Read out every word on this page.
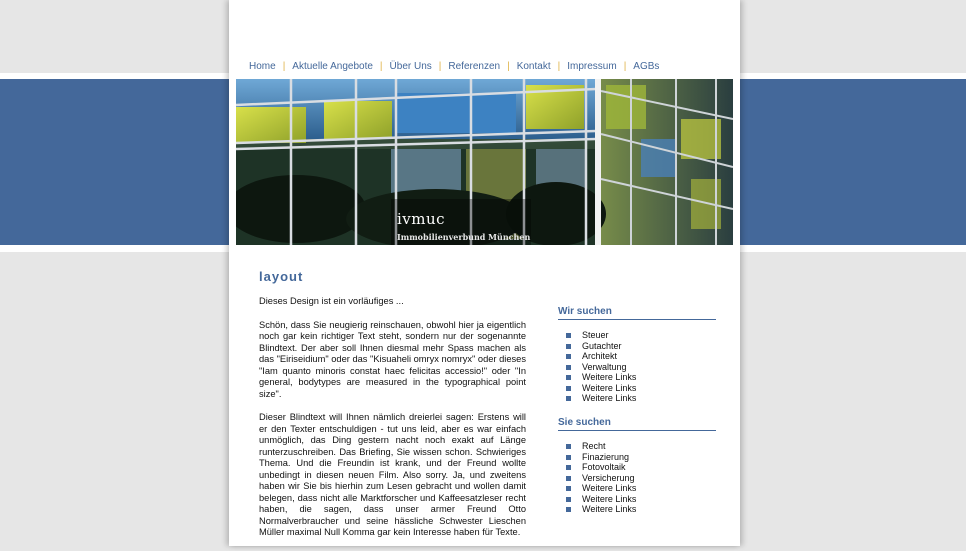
Home | Aktuelle Angebote | Über Uns | Referenzen | Kontakt | Impressum | AGBs
ivmuc
Immobilienverbund München
layout

Dieses Design ist ein vorläufiges ...

Schön, dass Sie neugierig reinschauen, obwohl hier ja eigentlich noch gar kein richtiger Text steht, sondern nur der sogenannte Blindtext. Der aber soll Ihnen diesmal mehr Spass machen als das "Eiriseidium" oder das "Kisuaheli omryx nomryx" oder dieses "Iam quanto minoris constat haec felicitas accessio!" oder "In general, bodytypes are measured in the typographical point size".

Dieser Blindtext will Ihnen nämlich dreierlei sagen: Erstens will er den Texter entschuldigen - tut uns leid, aber es war einfach unmöglich, das Ding gestern nacht noch exakt auf Länge runterzuschreiben. Das Briefing, Sie wissen schon. Schwieriges Thema. Und die Freundin ist krank, und der Freund wollte unbedingt in diesen neuen Film. Also sorry. Ja, und zweitens haben wir Sie bis hierhin zum Lesen gebracht und wollen damit belegen, dass nicht alle Marktforscher und Kaffeesatzleser recht haben, die sagen, dass unser armer Freund Otto Normalverbraucher und seine hässliche Schwester Lieschen Müller maximal Null Komma gar kein Interesse haben für Texte.

Wir suchen
Steuer
Gutachter
Architekt
Verwaltung
Weitere Links
Weitere Links
Weitere Links
Sie suchen
Recht
Finazierung
Fotovoltaik
Versicherung
Weitere Links
Weitere Links
Weitere Links
